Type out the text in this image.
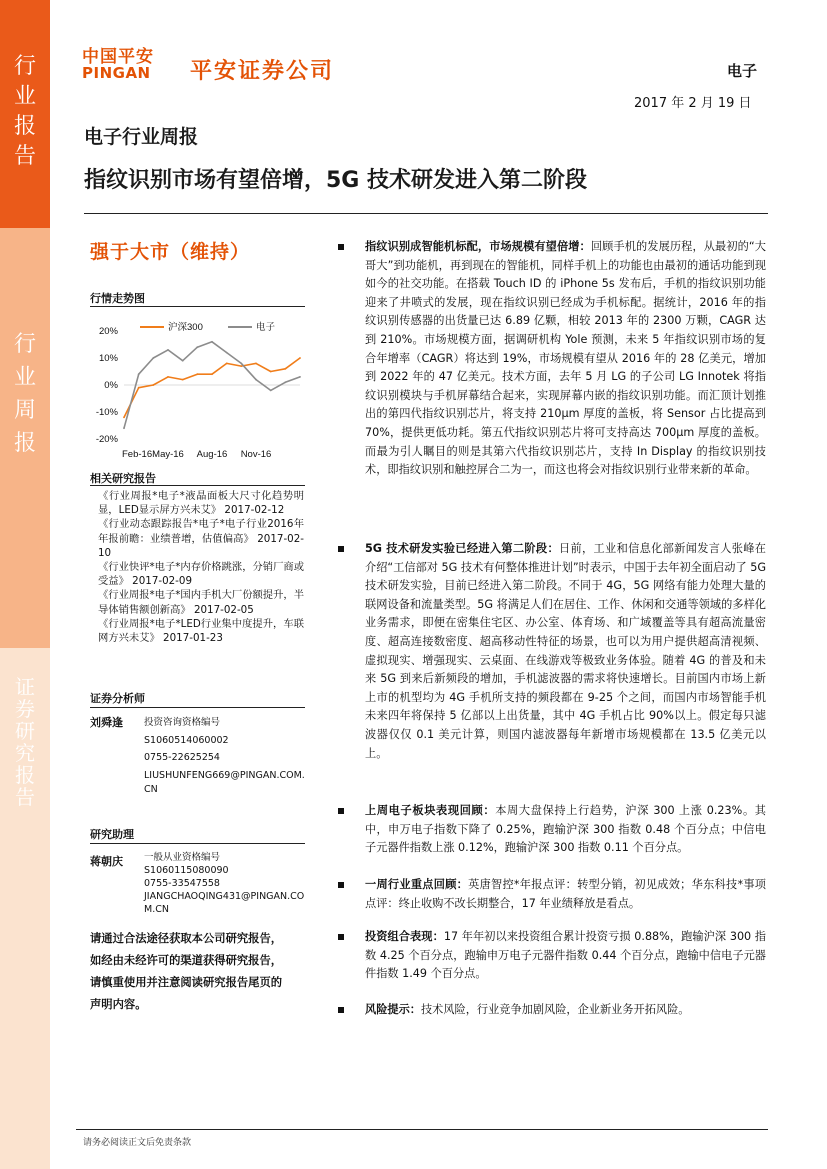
行业报告
行业周报
证券研究报告
中国平安
PINGAN 平安证券公司	电子
2017 年 2 月 19 日
电子行业周报
指纹识别市场有望倍增，5G 技术研发进入第二阶段
强于大市（维持）
行情走势图
20%
10%
0%
-10%
-20%
Feb-16 May-16 Aug-16 Nov-16
沪深300	电子
相关研究报告
《行业周报*电子*液晶面板大尺寸化趋势明显，LED显示屏方兴未艾》 2017-02-12
《行业动态跟踪报告*电子*电子行业2016年年报前瞻：业绩普增，估值偏高》 2017-02-10
《行业快评*电子*内存价格跳涨，分销厂商或受益》 2017-02-09
《行业周报*电子*国内手机大厂份额提升，半导体销售额创新高》 2017-02-05
《行业周报*电子*LED行业集中度提升，车联网方兴未艾》 2017-01-23
证券分析师
刘舜逢 投资咨询资格编号
S1060514060002
0755-22625254
LIUSHUNFENG669@PINGAN.COM.
CN
研究助理
蒋朝庆 一般从业资格编号
S1060115080090
0755-33547558
JIANGCHAOQING431@PINGAN.CO
M.CN
请通过合法途径获取本公司研究报告，如经由未经许可的渠道获得研究报告，请慎重使用并注意阅读研究报告尾页的声明内容。
指纹识别成智能机标配，市场规模有望倍增：回顾手机的发展历程，从最初的“大哥大”到功能机，再到现在的智能机，同样手机上的功能也由最初的通话功能到现如今的社交功能。在搭载 Touch ID 的 iPhone 5s 发布后，手机的指纹识别功能迎来了井喷式的发展，现在指纹识别已经成为手机标配。据统计，2016 年的指纹识别传感器的出货量已达 6.89 亿颗，相较 2013 年的 2300 万颗，CAGR 达到 210%。市场规模方面，据调研机构 Yole 预测，未来 5 年指纹识别市场的复合年增率（CAGR）将达到 19%，市场规模有望从 2016 年的 28 亿美元，增加到 2022 年的 47 亿美元。技术方面，去年 5 月 LG 的子公司 LG Innotek 将指纹识别模块与手机屏幕结合起来，实现屏幕内嵌的指纹识别功能。而汇顶计划推出的第四代指纹识别芯片，将支持 210μm 厚度的盖板，将 Sensor 占比提高到 70%，提供更低功耗。第五代指纹识别芯片将可支持高达 700μm 厚度的盖板。而最为引人瞩目的则是其第六代指纹识别芯片，支持 In Display 的指纹识别技术，即指纹识别和触控屏合二为一，而这也将会对指纹识别行业带来新的革命。
5G 技术研发实验已经进入第二阶段：日前，工业和信息化部新闻发言人张峰在介绍“工信部对 5G 技术有何整体推进计划”时表示，中国于去年初全面启动了 5G 技术研发实验，目前已经进入第二阶段。不同于 4G，5G 网络有能力处理大量的联网设备和流量类型。5G 将满足人们在居住、工作、休闲和交通等领域的多样化业务需求，即便在密集住宅区、办公室、体育场、和广域覆盖等具有超高流量密度、超高连接数密度、超高移动性特征的场景，也可以为用户提供超高清视频、虚拟现实、增强现实、云桌面、在线游戏等极致业务体验。随着 4G 的普及和未来 5G 到来后新频段的增加，手机滤波器的需求将快速增长。目前国内市场上新上市的机型均为 4G 手机所支持的频段都在 9-25 个之间，而国内市场智能手机未来四年将保持 5 亿部以上出货量，其中 4G 手机占比 90%以上。假定每只滤波器仅仅 0.1 美元计算，则国内滤波器每年新增市场规模都在 13.5 亿美元以上。
上周电子板块表现回顾：本周大盘保持上行趋势，沪深 300 上涨 0.23%。其中，申万电子指数下降了 0.25%，跑输沪深 300 指数 0.48 个百分点；中信电子元器件指数上涨 0.12%，跑输沪深 300 指数 0.11 个百分点。
一周行业重点回顾：英唐智控*年报点评：转型分销，初见成效；华东科技*事项点评：终止收购不改长期整合，17 年业绩释放是看点。
投资组合表现：17 年年初以来投资组合累计投资亏损 0.88%，跑输沪深 300 指数 4.25 个百分点，跑输申万电子元器件指数 0.44 个百分点，跑输中信电子元器件指数 1.49 个百分点。
风险提示：技术风险，行业竞争加剧风险，企业新业务开拓风险。
请务必阅读正文后免责条款
